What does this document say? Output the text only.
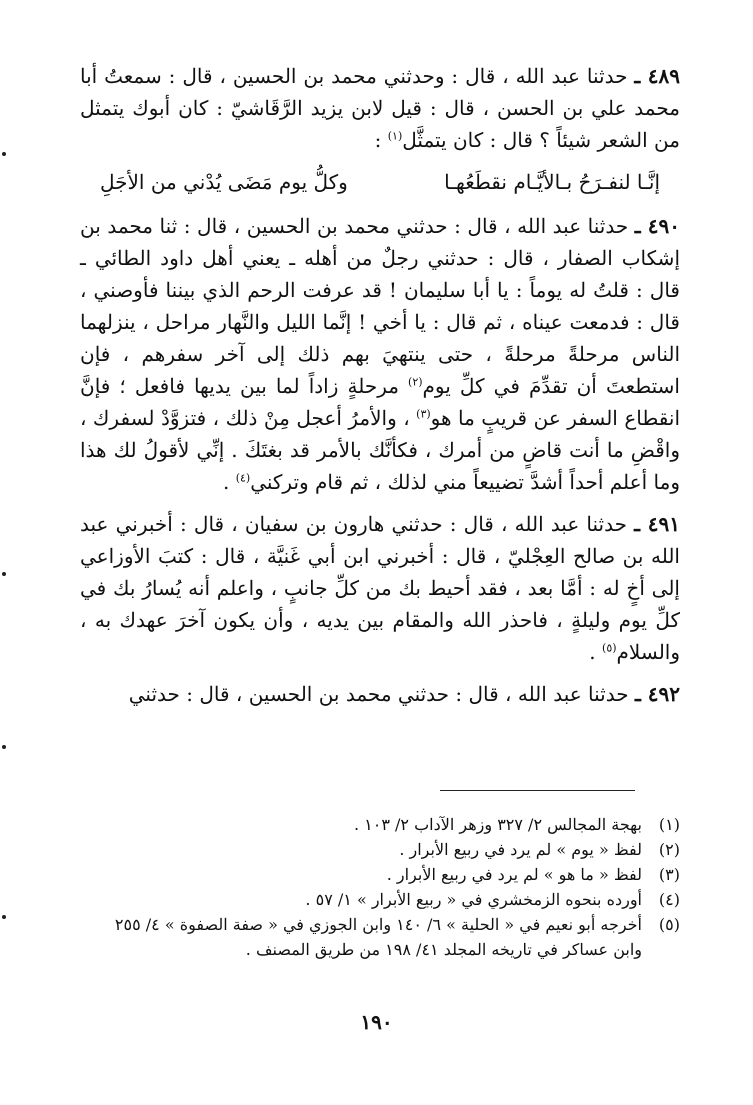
٤٨٩ ـ حدثنا عبد الله ، قال : وحدثني محمد بن الحسين ، قال : سمعتُ أبا محمد علي بن الحسن ، قال : قيل لابن يزيد الرَّقَاشيّ : كان أبوك يتمثل من الشعر شيئاً ؟ قال : كان يتمثَّل$^{(١)}$ :

إنَّـا لنفـرَحُ بـالأيَّـام نقطَعُهـا
وكلُّ يوم مَضَى يُدْني من الأجَلِ

٤٩٠ ـ حدثنا عبد الله ، قال : حدثني محمد بن الحسين ، قال : ثنا محمد بن إشكاب الصفار ، قال : حدثني رجلٌ من أهله ـ يعني أهل داود الطائي ـ قال : قلتُ له يوماً : يا أبا سليمان ! قد عرفت الرحم الذي بيننا فأوصني ، قال : فدمعت عيناه ، ثم قال : يا أخي ! إنَّما الليل والنَّهار مراحل ، ينزلهما الناس مرحلةً مرحلةً ، حتى ينتهيَ بهم ذلك إلى آخر سفرهم ، فإن استطعتَ أن تقدِّمَ في كلِّ يوم$^{(٢)}$ مرحلةٍ زاداً لما بين يديها فافعل ؛ فإنَّ انقطاع السفر عن قريبٍ ما هو$^{(٣)}$ ، والأمرُ أعجل مِنْ ذلك ، فتزوَّدْ لسفرك ، واقْضِ ما أنت قاضٍ من أمرك ، فكأنَّك بالأمر قد بغتَكَ . إنِّي لأقولُ لك هذا وما أعلم أحداً أشدَّ تضييعاً مني لذلك ، ثم قام وتركني$^{(٤)}$ .

٤٩١ ـ حدثنا عبد الله ، قال : حدثني هارون بن سفيان ، قال : أخبرني عبد الله بن صالح العِجْليّ ، قال : أخبرني ابن أبي غَنيَّة ، قال : كتبَ الأوزاعي إلى أخٍ له : أمَّا بعد ، فقد أحيط بك من كلِّ جانبٍ ، واعلم أنه يُسارُ بك في كلِّ يوم وليلةٍ ، فاحذر الله والمقام بين يديه ، وأن يكون آخرَ عهدك به ، والسلام$^{(٥)}$ .

٤٩٢ ـ حدثنا عبد الله ، قال : حدثني محمد بن الحسين ، قال : حدثني

(١)
بهجة المجالس ٢/ ٣٢٧ وزهر الآداب ٢/ ١٠٣ .
(٢)
لفظ « يوم » لم يرد في ربيع الأبرار .
(٣)
لفظ « ما هو » لم يرد في ربيع الأبرار .
(٤)
أورده بنحوه الزمخشري في « ربيع الأبرار » ١/ ٥٧ .
(٥)
أخرجه أبو نعيم في « الحلية » ٦/ ١٤٠ وابن الجوزي في « صفة الصفوة » ٤/ ٢٥٥ وابن عساكر في تاريخه المجلد ٤١/ ١٩٨ من طريق المصنف .
١٩٠
